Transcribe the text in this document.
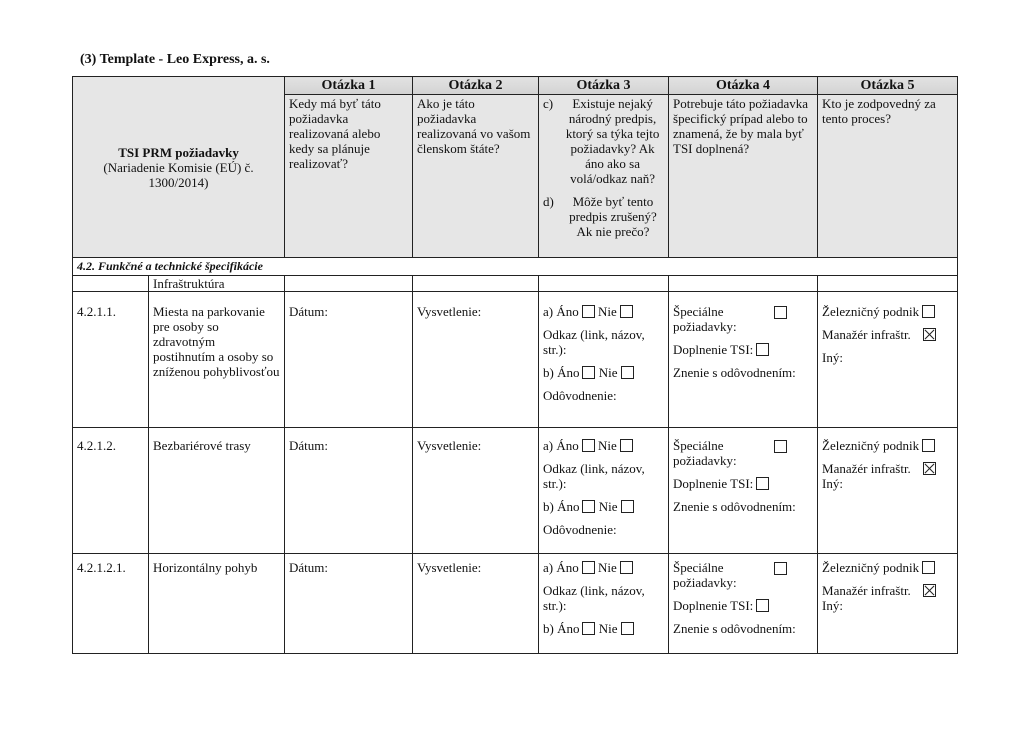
(3) Template - Leo Express, a. s.
TSI PRM požiadavky
(Nariadenie Komisie (EÚ) č. 1300/2014)		Otázka 1	Otázka 2	Otázka 3	Otázka 4	Otázka 5
		Kedy má byť táto požiadavka realizovaná alebo kedy sa plánuje realizovať?	Ako je táto požiadavka realizovaná vo vašom členskom štáte?	c) Existuje nejaký národný predpis, ktorý sa týka tejto požiadavky? Ak áno ako sa volá/odkaz naň?
d) Môže byť tento predpis zrušený? Ak nie prečo?	Potrebuje táto požiadavka špecifický prípad alebo to znamená, že by mala byť TSI doplnená?	Kto je zodpovedný za tento proces?
4.2. Funkčné a technické špecifikácie						
	Infraštruktúra					
4.2.1.1.	Miesta na parkovanie pre osoby so zdravotným postihnutím a osoby so zníženou pohyblivosťou	Dátum:	Vysvetlenie:	a) Áno Nie
Odkaz (link, názov, str.):
b) Áno Nie
Odôvodnenie:	Špeciálne požiadavky:
Doplnenie TSI:
Znenie s odôvodnením:	Železničný podnik
Manažér infraštr.
Iný:

4.2.1.2.	Bezbariérové trasy	Dátum:	Vysvetlenie:	a) Áno Nie
Odkaz (link, názov, str.):
b) Áno Nie
Odôvodnenie:	Špeciálne požiadavky:
Doplnenie TSI:
Znenie s odôvodnením:	Železničný podnik
Manažér infraštr.
Iný:

4.2.1.2.1.	Horizontálny pohyb	Dátum:	Vysvetlenie:	a) Áno Nie
Odkaz (link, názov, str.):
b) Áno Nie	Špeciálne požiadavky:
Doplnenie TSI:
Znenie s odôvodnením:	Železničný podnik
Manažér infraštr.
Iný:
